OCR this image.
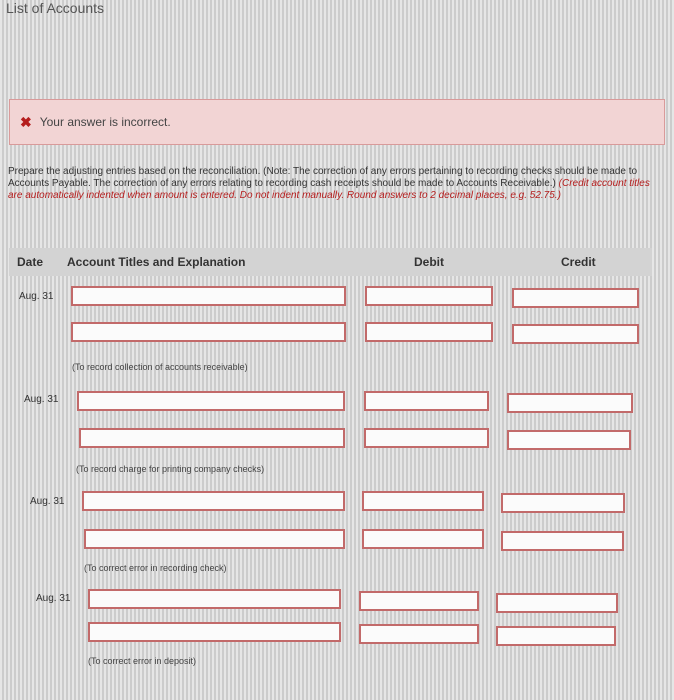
List of Accounts
✖ Your answer is incorrect.
Prepare the adjusting entries based on the reconciliation. (Note: The correction of any errors pertaining to recording checks should be made to Accounts Payable. The correction of any errors relating to recording cash receipts should be made to Accounts Receivable.) (Credit account titles are automatically indented when amount is entered. Do not indent manually. Round answers to 2 decimal places, e.g. 52.75.)
Date Account Titles and Explanation	Debit	Credit
Aug. 31
(To record collection of accounts receivable)
Aug. 31
(To record charge for printing company checks)
Aug. 31
(To correct error in recording check)
Aug. 31
(To correct error in deposit)
